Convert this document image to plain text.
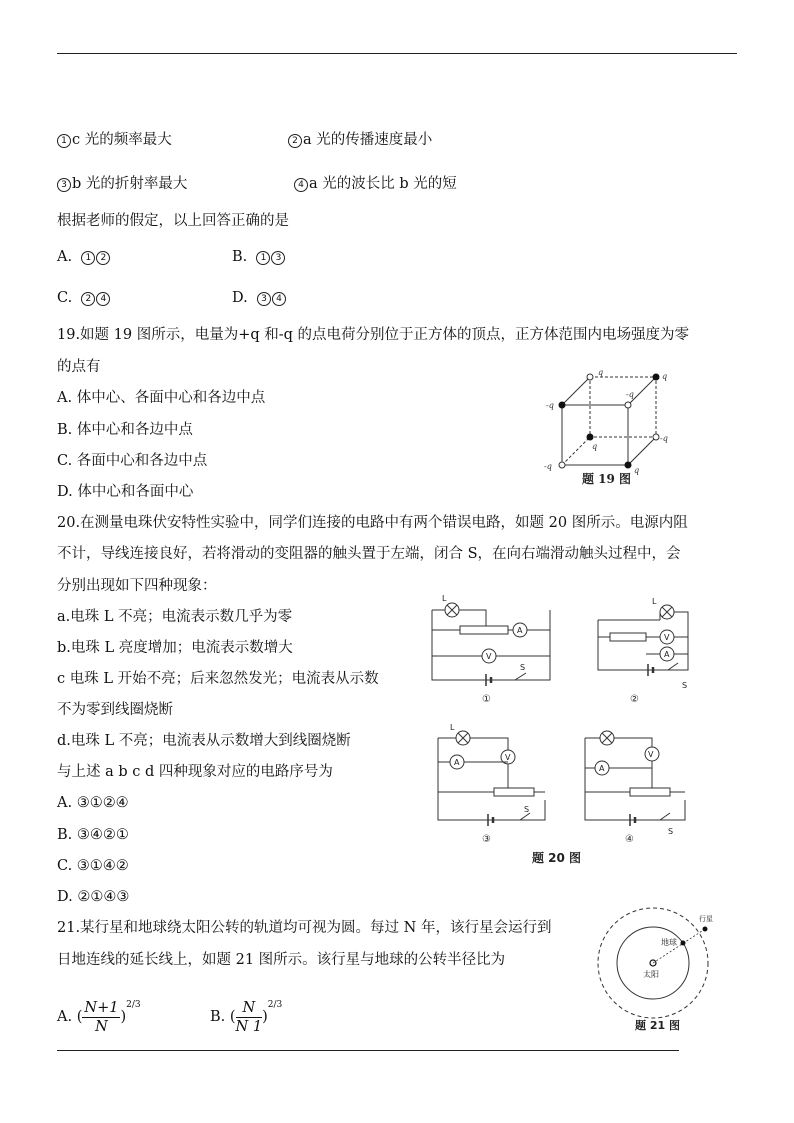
1 c 光的频率最大	2 a 光的传播速度最小
3 b 光的折射率最大	4 a 光的波长比 b 光的短
根据老师的假定，以上回答正确的是
A. 1 2	B. 1 3
C. 2 4	D. 3 4
19.如题 19 图所示，电量为+q 和-q 的点电荷分别位于正方体的顶点，正方体范围内电场强度为零
的点有
A. 体中心、各面中心和各边中点
B. 体中心和各边中点
C. 各面中心和各边中点
D. 体中心和各面中心
-q
q
-q
q
q
-q
-q	q
题 19 图
20.在测量电珠伏安特性实验中，同学们连接的电路中有两个错误电路，如题 20 图所示。电源内阻
不计，导线连接良好，若将滑动的变阻器的触头置于左端，闭合 S，在向右端滑动触头过程中，会
分别出现如下四种现象：
a.电珠 L 不亮；电流表示数几乎为零
b.电珠 L 亮度增加；电流表示数增大
c 电珠 L 开始不亮；后来忽然发光；电流表从示数
不为零到线圈烧断
d.电珠 L 不亮；电流表从示数增大到线圈烧断
与上述 a b c d 四种现象对应的电路序号为
A. ③①②④
B. ③④②①
C. ③①④②
D. ②①④③
L
A
V
S
①
L
V
A
S
②
L
A
V
S
③
V
A
S
④
题 20 图
21.某行星和地球绕太阳公转的轨道均可视为圆。每过 N 年，该行星会运行到
日地连线的延长线上，如题 21 图所示。该行星与地球的公转半径比为
A. ( $\frac{N+1}{N} )^{2/3}$
B. ( $\frac{N}{N 1} )^{2/3}$
地球
太阳
行星
题 21 图
